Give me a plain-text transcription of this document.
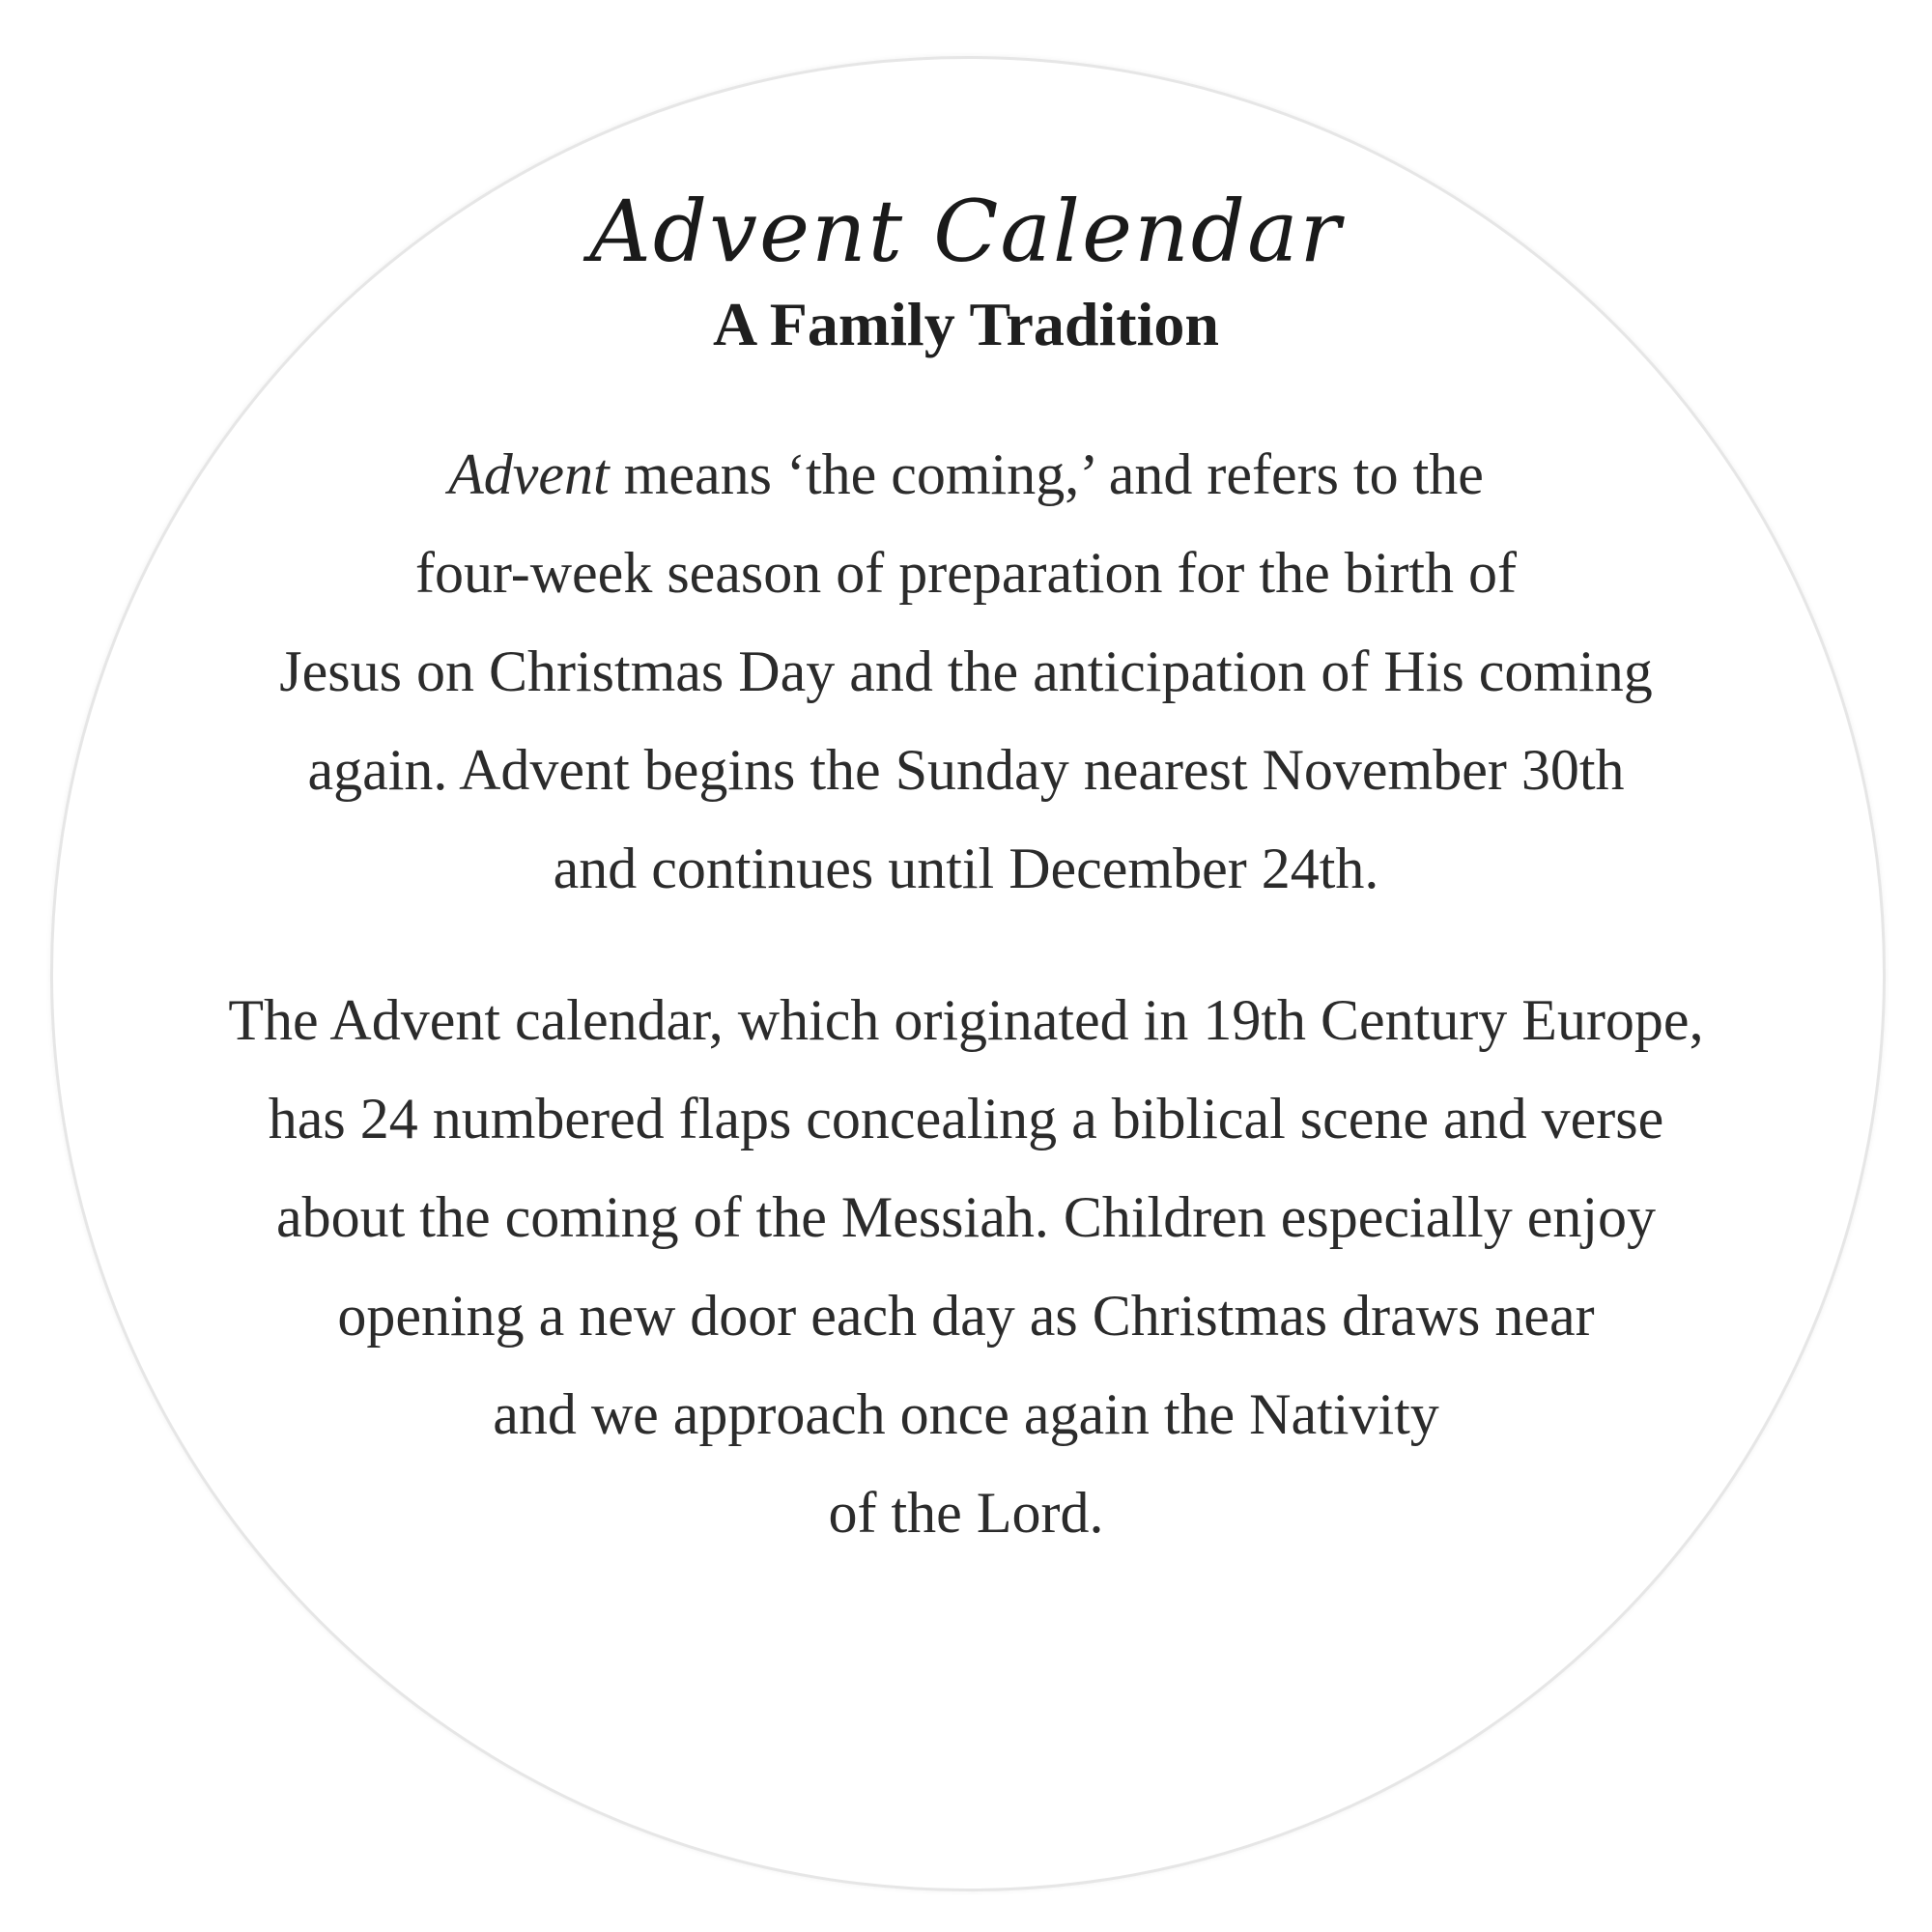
Advent Calendar
A Family Tradition
Advent means ‘the coming,’ and refers to the
four-week season of preparation for the birth of
Jesus on Christmas Day and the anticipation of His coming
again. Advent begins the Sunday nearest November 30th
and continues until December 24th.
The Advent calendar, which originated in 19th Century Europe,
has 24 numbered flaps concealing a biblical scene and verse
about the coming of the Messiah. Children especially enjoy
opening a new door each day as Christmas draws near
and we approach once again the Nativity
of the Lord.
